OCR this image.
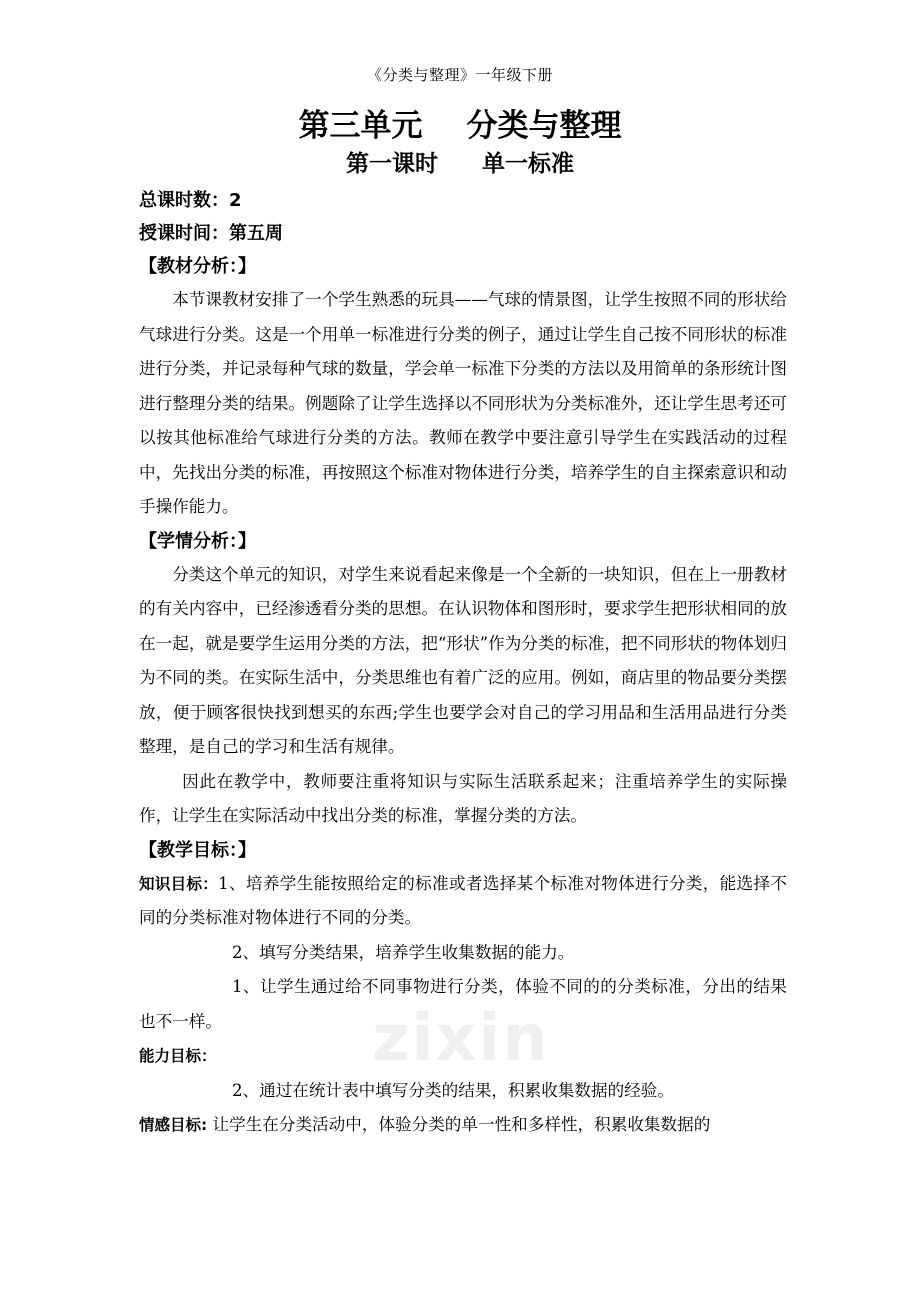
《分类与整理》一年级下册
第三单元 分类与整理
第一课时 单一标准

总课时数：2

授课时间：第五周

【教材分析：】

本节课教材安排了一个学生熟悉的玩具——气球的情景图，让学生按照不同的形状给气球进行分类。这是一个用单一标准进行分类的例子，通过让学生自己按不同形状的标准进行分类，并记录每种气球的数量，学会单一标准下分类的方法以及用简单的条形统计图进行整理分类的结果。例题除了让学生选择以不同形状为分类标准外，还让学生思考还可以按其他标准给气球进行分类的方法。教师在教学中要注意引导学生在实践活动的过程中，先找出分类的标准，再按照这个标准对物体进行分类，培养学生的自主探索意识和动手操作能力。

【学情分析：】

分类这个单元的知识，对学生来说看起来像是一个全新的一块知识，但在上一册教材的有关内容中，已经渗透看分类的思想。在认识物体和图形时，要求学生把形状相同的放在一起，就是要学生运用分类的方法，把“形状”作为分类的标准，把不同形状的物体划归为不同的类。在实际生活中，分类思维也有着广泛的应用。例如，商店里的物品要分类摆放，便于顾客很快找到想买的东西;学生也要学会对自己的学习用品和生活用品进行分类整理，是自己的学习和生活有规律。

因此在教学中，教师要注重将知识与实际生活联系起来；注重培养学生的实际操作，让学生在实际活动中找出分类的标准，掌握分类的方法。

【教学目标：】

知识目标：1、培养学生能按照给定的标准或者选择某个标准对物体进行分类，能选择不同的分类标准对物体进行不同的分类。

2、填写分类结果，培养学生收集数据的能力。

1、让学生通过给不同事物进行分类，体验不同的的分类标准，分出的结果也不一样。

能力目标：

2、通过在统计表中填写分类的结果，积累收集数据的经验。

情感目标: 让学生在分类活动中，体验分类的单一性和多样性，积累收集数据的

zixin
